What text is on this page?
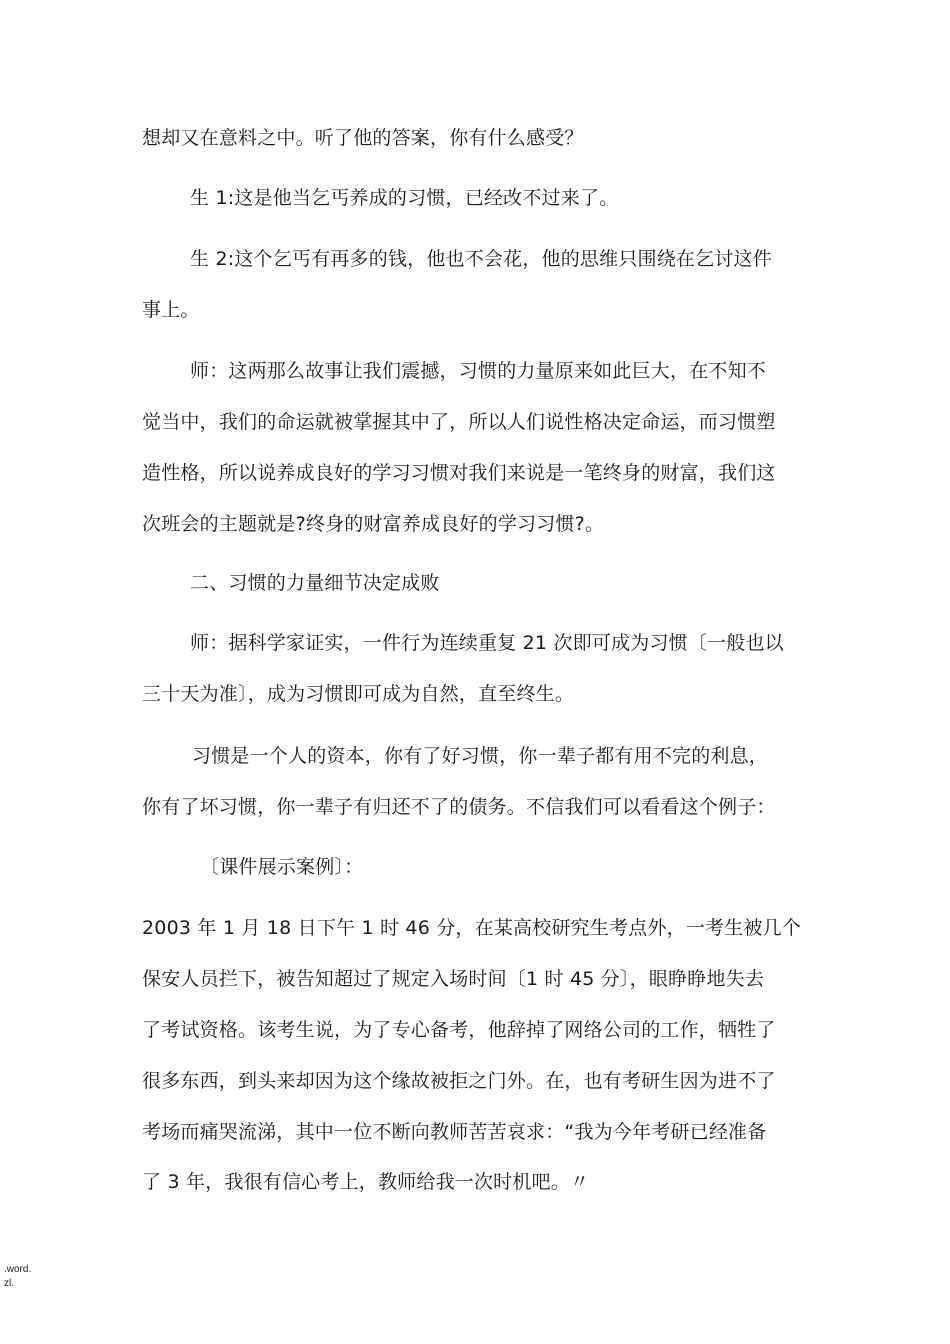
想却又在意料之中。听了他的答案，你有什么感受？
生 1:这是他当乞丐养成的习惯，已经改不过来了。
生 2:这个乞丐有再多的钱，他也不会花，他的思维只围绕在乞讨这件
事上。
师：这两那么故事让我们震撼，习惯的力量原来如此巨大，在不知不
觉当中，我们的命运就被掌握其中了，所以人们说性格决定命运，而习惯塑
造性格，所以说养成良好的学习习惯对我们来说是一笔终身的财富，我们这
次班会的主题就是?终身的财富养成良好的学习习惯?。
二、习惯的力量细节决定成败
师：据科学家证实，一件行为连续重复 21 次即可成为习惯〔一般也以
三十天为准〕，成为习惯即可成为自然，直至终生。
习惯是一个人的资本，你有了好习惯，你一辈子都有用不完的利息，
你有了坏习惯，你一辈子有归还不了的债务。不信我们可以看看这个例子：
〔课件展示案例〕：
2003 年 1 月 18 日下午 1 时 46 分，在某高校研究生考点外，一考生被几个
保安人员拦下，被告知超过了规定入场时间〔1 时 45 分〕，眼睁睁地失去
了考试资格。该考生说，为了专心备考，他辞掉了网络公司的工作，牺牲了
很多东西，到头来却因为这个缘故被拒之门外。在，也有考研生因为进不了
考场而痛哭流涕，其中一位不断向教师苦苦哀求：“我为今年考研已经准备
了 3 年，我很有信心考上，教师给我一次时机吧。〃
.word.
zl.
